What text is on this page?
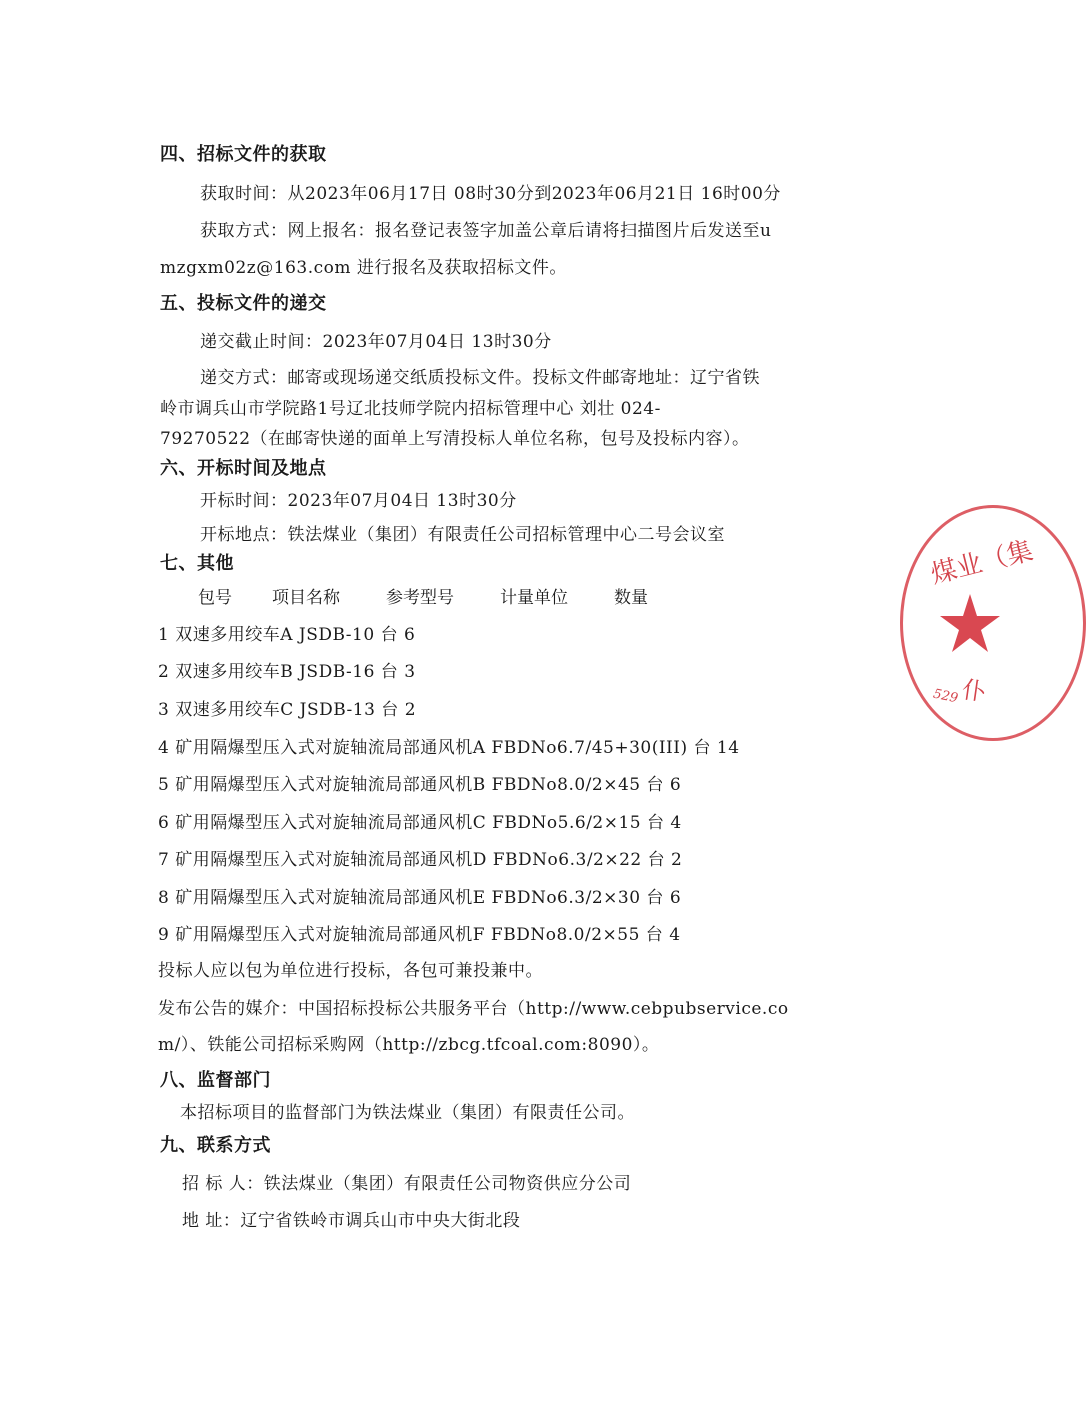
四、招标文件的获取
获取时间：从2023年06月17日 08时30分到2023年06月21日 16时00分
获取方式：网上报名：报名登记表签字加盖公章后请将扫描图片后发送至u
mzgxm02z@163.com 进行报名及获取招标文件。
五、投标文件的递交
递交截止时间：2023年07月04日 13时30分
递交方式：邮寄或现场递交纸质投标文件。投标文件邮寄地址：辽宁省铁
岭市调兵山市学院路1号辽北技师学院内招标管理中心 刘壮 024-
79270522（在邮寄快递的面单上写清投标人单位名称，包号及投标内容）。
六、开标时间及地点
开标时间：2023年07月04日 13时30分
开标地点：铁法煤业（集团）有限责任公司招标管理中心二号会议室
七、其他
包号 项目名称	参考型号	计量单位	数量
1 双速多用绞车A JSDB-10 台 6
2 双速多用绞车B JSDB-16 台 3
3 双速多用绞车C JSDB-13 台 2
4 矿用隔爆型压入式对旋轴流局部通风机A FBDNo6.7/45+30(III) 台 14
5 矿用隔爆型压入式对旋轴流局部通风机B FBDNo8.0/2×45 台 6
6 矿用隔爆型压入式对旋轴流局部通风机C FBDNo5.6/2×15 台 4
7 矿用隔爆型压入式对旋轴流局部通风机D FBDNo6.3/2×22 台 2
8 矿用隔爆型压入式对旋轴流局部通风机E FBDNo6.3/2×30 台 6
9 矿用隔爆型压入式对旋轴流局部通风机F FBDNo8.0/2×55 台 4
投标人应以包为单位进行投标，各包可兼投兼中。
发布公告的媒介：中国招标投标公共服务平台（http://www.cebpubservice.co
m/）、铁能公司招标采购网（http://zbcg.tfcoal.com:8090）。
八、监督部门
本招标项目的监督部门为铁法煤业（集团）有限责任公司。
九、联系方式
招 标 人：铁法煤业（集团）有限责任公司物资供应分公司
地 址：辽宁省铁岭市调兵山市中央大街北段
煤业（集
529 仆
